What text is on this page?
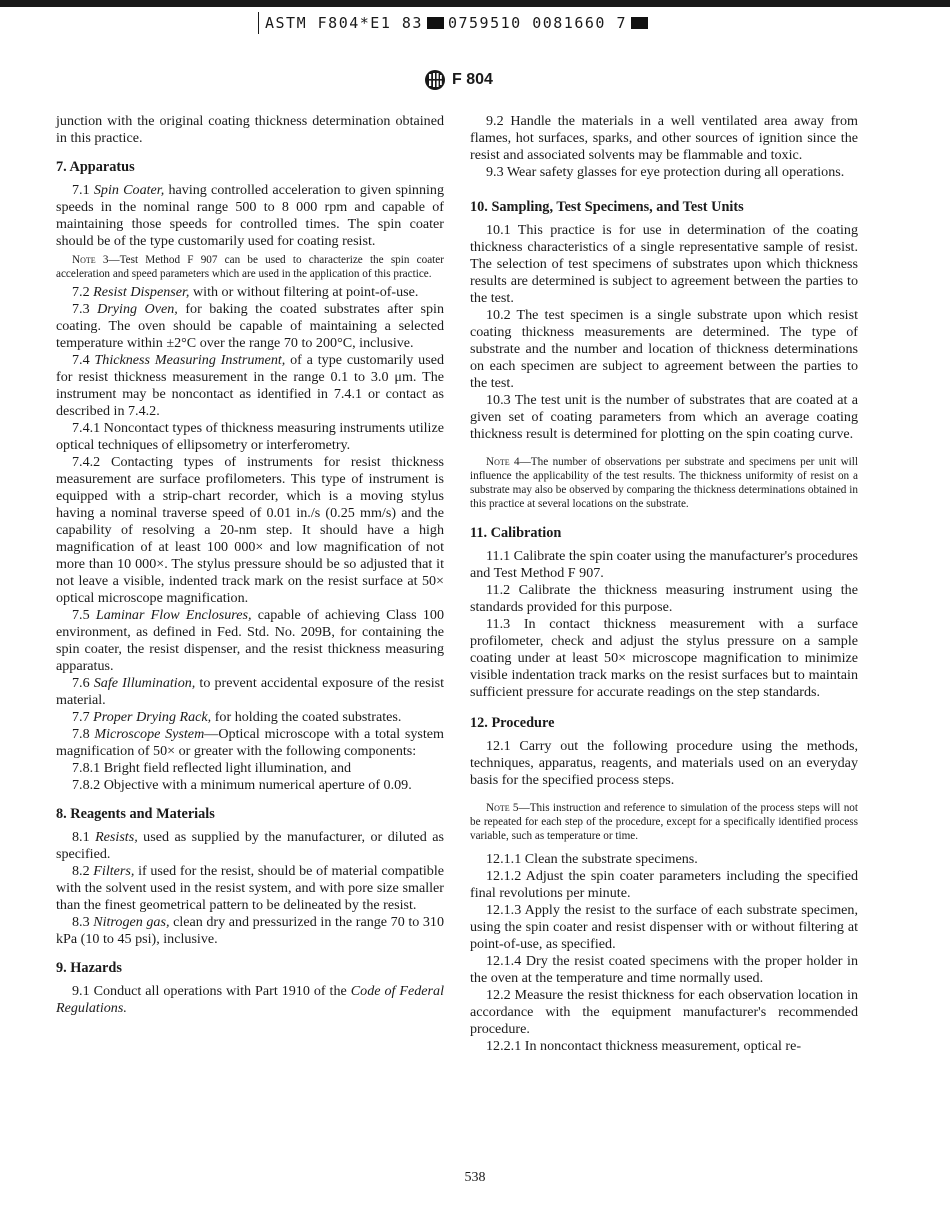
ASTM F804*E1 83 0759510 0081660 7
F 804

junction with the original coating thickness determination obtained in this practice.

7. Apparatus

7.1 Spin Coater, having controlled acceleration to given spinning speeds in the nominal range 500 to 8 000 rpm and capable of maintaining those speeds for controlled times. The spin coater should be of the type customarily used for coating resist.

Note 3—Test Method F 907 can be used to characterize the spin coater acceleration and speed parameters which are used in the application of this practice.

7.2 Resist Dispenser, with or without filtering at point-of-use.

7.3 Drying Oven, for baking the coated substrates after spin coating. The oven should be capable of maintaining a selected temperature within ±2°C over the range 70 to 200°C, inclusive.

7.4 Thickness Measuring Instrument, of a type customarily used for resist thickness measurement in the range 0.1 to 3.0 μm. The instrument may be noncontact as identified in 7.4.1 or contact as described in 7.4.2.

7.4.1 Noncontact types of thickness measuring instruments utilize optical techniques of ellipsometry or interferometry.

7.4.2 Contacting types of instruments for resist thickness measurement are surface profilometers. This type of instrument is equipped with a strip-chart recorder, which is a moving stylus having a nominal traverse speed of 0.01 in./s (0.25 mm/s) and the capability of resolving a 20-nm step. It should have a high magnification of at least 100 000× and low magnification of not more than 10 000×. The stylus pressure should be so adjusted that it not leave a visible, indented track mark on the resist surface at 50× optical microscope magnification.

7.5 Laminar Flow Enclosures, capable of achieving Class 100 environment, as defined in Fed. Std. No. 209B, for containing the spin coater, the resist dispenser, and the resist thickness measuring apparatus.

7.6 Safe Illumination, to prevent accidental exposure of the resist material.

7.7 Proper Drying Rack, for holding the coated substrates.

7.8 Microscope System—Optical microscope with a total system magnification of 50× or greater with the following components:

7.8.1 Bright field reflected light illumination, and

7.8.2 Objective with a minimum numerical aperture of 0.09.

8. Reagents and Materials

8.1 Resists, used as supplied by the manufacturer, or diluted as specified.

8.2 Filters, if used for the resist, should be of material compatible with the solvent used in the resist system, and with pore size smaller than the finest geometrical pattern to be delineated by the resist.

8.3 Nitrogen gas, clean dry and pressurized in the range 70 to 310 kPa (10 to 45 psi), inclusive.

9. Hazards

9.1 Conduct all operations with Part 1910 of the Code of Federal Regulations.

9.2 Handle the materials in a well ventilated area away from flames, hot surfaces, sparks, and other sources of ignition since the resist and associated solvents may be flammable and toxic.

9.3 Wear safety glasses for eye protection during all operations.

10. Sampling, Test Specimens, and Test Units

10.1 This practice is for use in determination of the coating thickness characteristics of a single representative sample of resist. The selection of test specimens of substrates upon which thickness results are determined is subject to agreement between the parties to the test.

10.2 The test specimen is a single substrate upon which resist coating thickness measurements are determined. The type of substrate and the number and location of thickness determinations on each specimen are subject to agreement between the parties to the test.

10.3 The test unit is the number of substrates that are coated at a given set of coating parameters from which an average coating thickness result is determined for plotting on the spin coating curve.

Note 4—The number of observations per substrate and specimens per unit will influence the applicability of the test results. The thickness uniformity of resist on a substrate may also be observed by comparing the thickness determinations obtained in this practice at several locations on the substrate.

11. Calibration

11.1 Calibrate the spin coater using the manufacturer's procedures and Test Method F 907.

11.2 Calibrate the thickness measuring instrument using the standards provided for this purpose.

11.3 In contact thickness measurement with a surface profilometer, check and adjust the stylus pressure on a sample coating under at least 50× microscope magnification to minimize visible indentation track marks on the resist surfaces but to maintain sufficient pressure for accurate readings on the step standards.

12. Procedure

12.1 Carry out the following procedure using the methods, techniques, apparatus, reagents, and materials used on an everyday basis for the specified process steps.

Note 5—This instruction and reference to simulation of the process steps will not be repeated for each step of the procedure, except for a specifically identified process variable, such as temperature or time.

12.1.1 Clean the substrate specimens.

12.1.2 Adjust the spin coater parameters including the specified final revolutions per minute.

12.1.3 Apply the resist to the surface of each substrate specimen, using the spin coater and resist dispenser with or without filtering at point-of-use, as specified.

12.1.4 Dry the resist coated specimens with the proper holder in the oven at the temperature and time normally used.

12.2 Measure the resist thickness for each observation location in accordance with the equipment manufacturer's recommended procedure.

12.2.1 In noncontact thickness measurement, optical re-

538
